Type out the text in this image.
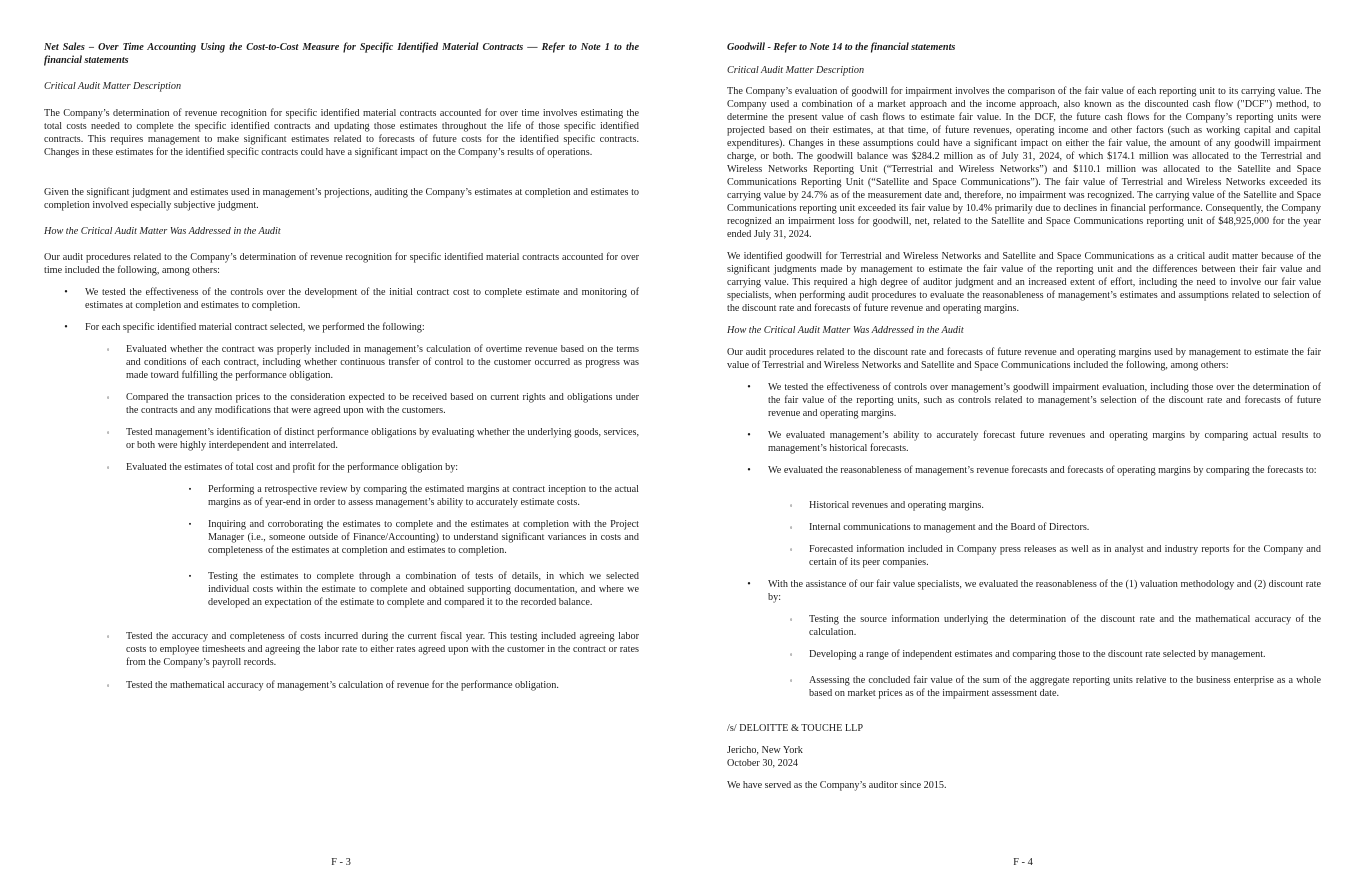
Net Sales – Over Time Accounting Using the Cost-to-Cost Measure for Specific Identified Material Contracts — Refer to Note 1 to the financial statements
Critical Audit Matter Description
The Company’s determination of revenue recognition for specific identified material contracts accounted for over time involves estimating the total costs needed to complete the specific identified contracts and updating those estimates throughout the life of those specific identified contracts. This requires management to make significant estimates related to forecasts of future costs for the identified specific contracts. Changes in these estimates for the identified specific contracts could have a significant impact on the Company’s results of operations.
Given the significant judgment and estimates used in management’s projections, auditing the Company’s estimates at completion and estimates to completion involved especially subjective judgment.
How the Critical Audit Matter Was Addressed in the Audit
Our audit procedures related to the Company’s determination of revenue recognition for specific identified material contracts accounted for over time included the following, among others:
•	We tested the effectiveness of the controls over the development of the initial contract cost to complete estimate and monitoring of estimates at completion and estimates to completion.
•	For each specific identified material contract selected, we performed the following:
◦	Evaluated whether the contract was properly included in management’s calculation of overtime revenue based on the terms and conditions of each contract, including whether continuous transfer of control to the customer occurred as progress was made toward fulfilling the performance obligation.
◦	Compared the transaction prices to the consideration expected to be received based on current rights and obligations under the contracts and any modifications that were agreed upon with the customers.
◦	Tested management’s identification of distinct performance obligations by evaluating whether the underlying goods, services, or both were highly interdependent and interrelated.
◦	Evaluated the estimates of total cost and profit for the performance obligation by:
▪	Performing a retrospective review by comparing the estimated margins at contract inception to the actual margins as of year-end in order to assess management’s ability to accurately estimate costs.
▪	Inquiring and corroborating the estimates to complete and the estimates at completion with the Project Manager (i.e., someone outside of Finance/Accounting) to understand significant variances in costs and completeness of the estimates at completion and estimates to completion.
▪	Testing the estimates to complete through a combination of tests of details, in which we selected individual costs within the estimate to complete and obtained supporting documentation, and where we developed an expectation of the estimate to complete and compared it to the recorded balance.
◦	Tested the accuracy and completeness of costs incurred during the current fiscal year. This testing included agreeing labor costs to employee timesheets and agreeing the labor rate to either rates agreed upon with the customer in the contract or rates from the Company’s payroll records.
◦	Tested the mathematical accuracy of management’s calculation of revenue for the performance obligation.
F - 3
Goodwill - Refer to Note 14 to the financial statements
Critical Audit Matter Description
The Company’s evaluation of goodwill for impairment involves the comparison of the fair value of each reporting unit to its carrying value. The Company used a combination of a market approach and the income approach, also known as the discounted cash flow ("DCF") method, to determine the present value of cash flows to estimate fair value. In the DCF, the future cash flows for the Company’s reporting units were projected based on their estimates, at that time, of future revenues, operating income and other factors (such as working capital and capital expenditures). Changes in these assumptions could have a significant impact on either the fair value, the amount of any goodwill impairment charge, or both. The goodwill balance was $284.2 million as of July 31, 2024, of which $174.1 million was allocated to the Terrestrial and Wireless Networks Reporting Unit (“Terrestrial and Wireless Networks”) and $110.1 million was allocated to the Satellite and Space Communications Reporting Unit (“Satellite and Space Communications”). The fair value of Terrestrial and Wireless Networks exceeded its carrying value by 24.7% as of the measurement date and, therefore, no impairment was recognized. The carrying value of the Satellite and Space Communications reporting unit exceeded its fair value by 10.4% primarily due to declines in financial performance. Consequently, the Company recognized an impairment loss for goodwill, net, related to the Satellite and Space Communications reporting unit of $48,925,000 for the year ended July 31, 2024.
We identified goodwill for Terrestrial and Wireless Networks and Satellite and Space Communications as a critical audit matter because of the significant judgments made by management to estimate the fair value of the reporting unit and the differences between their fair value and carrying value. This required a high degree of auditor judgment and an increased extent of effort, including the need to involve our fair value specialists, when performing audit procedures to evaluate the reasonableness of management’s estimates and assumptions related to selection of the discount rate and forecasts of future revenue and operating margins.
How the Critical Audit Matter Was Addressed in the Audit
Our audit procedures related to the discount rate and forecasts of future revenue and operating margins used by management to estimate the fair value of Terrestrial and Wireless Networks and Satellite and Space Communications included the following, among others:
•	We tested the effectiveness of controls over management’s goodwill impairment evaluation, including those over the determination of the fair value of the reporting units, such as controls related to management’s selection of the discount rate and forecasts of future revenue and operating margins.
•	We evaluated management’s ability to accurately forecast future revenues and operating margins by comparing actual results to management’s historical forecasts.
•	We evaluated the reasonableness of management’s revenue forecasts and forecasts of operating margins by comparing the forecasts to:
◦	Historical revenues and operating margins.
◦	Internal communications to management and the Board of Directors.
◦	Forecasted information included in Company press releases as well as in analyst and industry reports for the Company and certain of its peer companies.
•	With the assistance of our fair value specialists, we evaluated the reasonableness of the (1) valuation methodology and (2) discount rate by:
◦	Testing the source information underlying the determination of the discount rate and the mathematical accuracy of the calculation.
◦	Developing a range of independent estimates and comparing those to the discount rate selected by management.
◦	Assessing the concluded fair value of the sum of the aggregate reporting units relative to the business enterprise as a whole based on market prices as of the impairment assessment date.
/s/ DELOITTE & TOUCHE LLP
Jericho, New York
October 30, 2024
We have served as the Company’s auditor since 2015.
F - 4
